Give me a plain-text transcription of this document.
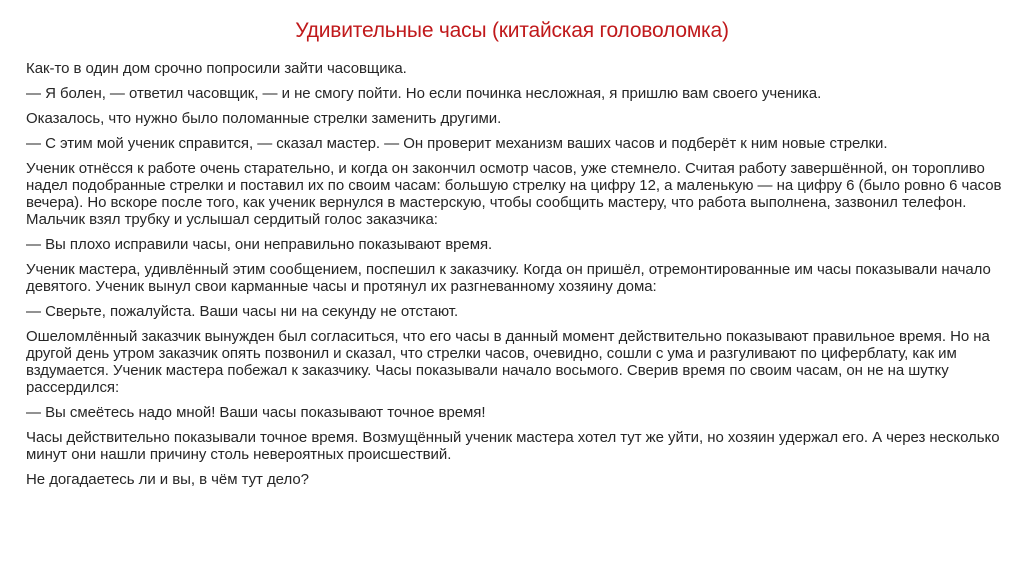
Удивительные часы (китайская головоломка)

Как-то в один дом срочно попросили зайти часовщика.

— Я болен, — ответил часовщик, — и не смогу пойти. Но если починка несложная, я пришлю вам своего ученика.

Оказалось, что нужно было поломанные стрелки заменить другими.

— С этим мой ученик справится, — сказал мастер. — Он проверит механизм ваших часов и подберёт к ним новые стрелки.

Ученик отнёсся к работе очень старательно, и когда он закончил осмотр часов, уже стемнело. Считая работу завершённой, он торопливо надел подобранные стрелки и поставил их по своим часам: большую стрелку на цифру 12, а маленькую — на цифру 6 (было ровно 6 часов вечера). Но вскоре после того, как ученик вернулся в мастерскую, чтобы сообщить мастеру, что работа выполнена, зазвонил телефон. Мальчик взял трубку и услышал сердитый голос заказчика:

— Вы плохо исправили часы, они неправильно показывают время.

Ученик мастера, удивлённый этим сообщением, поспешил к заказчику. Когда он пришёл, отремонтированные им часы показывали начало девятого. Ученик вынул свои карманные часы и протянул их разгневанному хозяину дома:

— Сверьте, пожалуйста. Ваши часы ни на секунду не отстают.

Ошеломлённый заказчик вынужден был согласиться, что его часы в данный момент действительно показывают правильное время. Но на другой день утром заказчик опять позвонил и сказал, что стрелки часов, очевидно, сошли с ума и разгуливают по циферблату, как им вздумается. Ученик мастера побежал к заказчику. Часы показывали начало восьмого. Сверив время по своим часам, он не на шутку рассердился:

— Вы смеётесь надо мной! Ваши часы показывают точное время!

Часы действительно показывали точное время. Возмущённый ученик мастера хотел тут же уйти, но хозяин удержал его. А через несколько минут они нашли причину столь невероятных происшествий.

Не догадаетесь ли и вы, в чём тут дело?
